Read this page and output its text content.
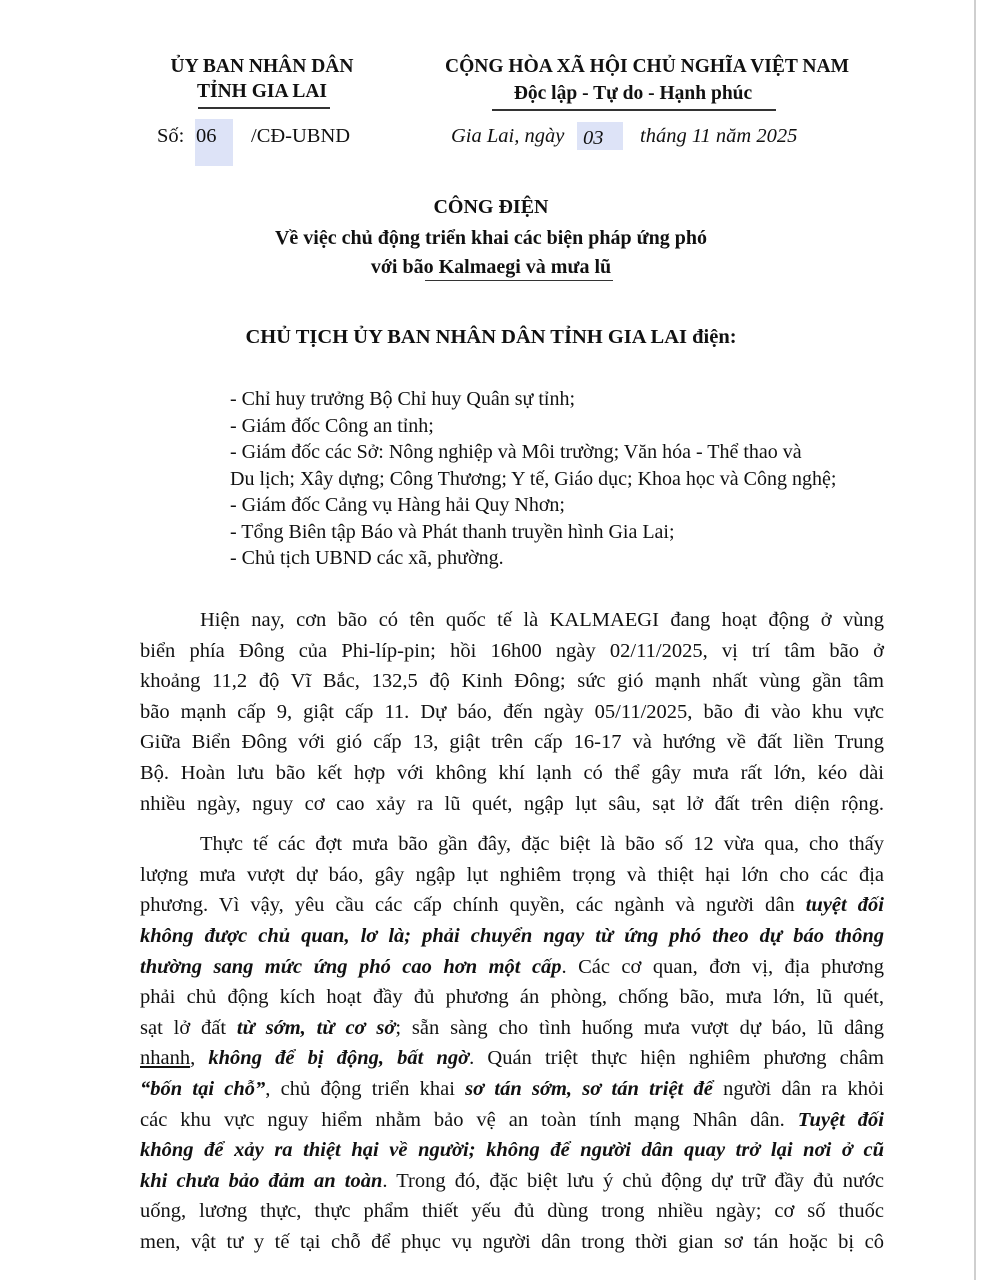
ỦY BAN NHÂN DÂN
TỈNH GIA LAI
CỘNG HÒA XÃ HỘI CHỦ NGHĨA VIỆT NAM
Độc lập - Tự do - Hạnh phúc
Số: 06 /CĐ-UBND	Gia Lai, ngày 03 tháng 11 năm 2025
CÔNG ĐIỆN
Về việc chủ động triển khai các biện pháp ứng phó
với bão Kalmaegi và mưa lũ
CHỦ TỊCH ỦY BAN NHÂN DÂN TỈNH GIA LAI điện:
- Chỉ huy trưởng Bộ Chỉ huy Quân sự tỉnh;
- Giám đốc Công an tỉnh;
- Giám đốc các Sở: Nông nghiệp và Môi trường; Văn hóa - Thể thao và
Du lịch; Xây dựng; Công Thương; Y tế, Giáo dục; Khoa học và Công nghệ;
- Giám đốc Cảng vụ Hàng hải Quy Nhơn;
- Tổng Biên tập Báo và Phát thanh truyền hình Gia Lai;
- Chủ tịch UBND các xã, phường.
Hiện nay, cơn bão có tên quốc tế là KALMAEGI đang hoạt động ở vùng
biển phía Đông của Phi-líp-pin; hồi 16h00 ngày 02/11/2025, vị trí tâm bão ở
khoảng 11,2 độ Vĩ Bắc, 132,5 độ Kinh Đông; sức gió mạnh nhất vùng gần tâm
bão mạnh cấp 9, giật cấp 11. Dự báo, đến ngày 05/11/2025, bão đi vào khu vực
Giữa Biển Đông với gió cấp 13, giật trên cấp 16-17 và hướng về đất liền Trung
Bộ. Hoàn lưu bão kết hợp với không khí lạnh có thể gây mưa rất lớn, kéo dài
nhiều ngày, nguy cơ cao xảy ra lũ quét, ngập lụt sâu, sạt lở đất trên diện rộng.
Thực tế các đợt mưa bão gần đây, đặc biệt là bão số 12 vừa qua, cho thấy
lượng mưa vượt dự báo, gây ngập lụt nghiêm trọng và thiệt hại lớn cho các địa
phương. Vì vậy, yêu cầu các cấp chính quyền, các ngành và người dân tuyệt đối
không được chủ quan, lơ là; phải chuyển ngay từ ứng phó theo dự báo thông
thường sang mức ứng phó cao hơn một cấp. Các cơ quan, đơn vị, địa phương
phải chủ động kích hoạt đầy đủ phương án phòng, chống bão, mưa lớn, lũ quét,
sạt lở đất từ sớm, từ cơ sở; sẵn sàng cho tình huống mưa vượt dự báo, lũ dâng
nhanh, không để bị động, bất ngờ. Quán triệt thực hiện nghiêm phương châm
“bốn tại chỗ”, chủ động triển khai sơ tán sớm, sơ tán triệt để người dân ra khỏi
các khu vực nguy hiểm nhằm bảo vệ an toàn tính mạng Nhân dân. Tuyệt đối
không để xảy ra thiệt hại về người; không để người dân quay trở lại nơi ở cũ
khi chưa bảo đảm an toàn. Trong đó, đặc biệt lưu ý chủ động dự trữ đầy đủ nước
uống, lương thực, thực phẩm thiết yếu đủ dùng trong nhiều ngày; cơ số thuốc
men, vật tư y tế tại chỗ để phục vụ người dân trong thời gian sơ tán hoặc bị cô
